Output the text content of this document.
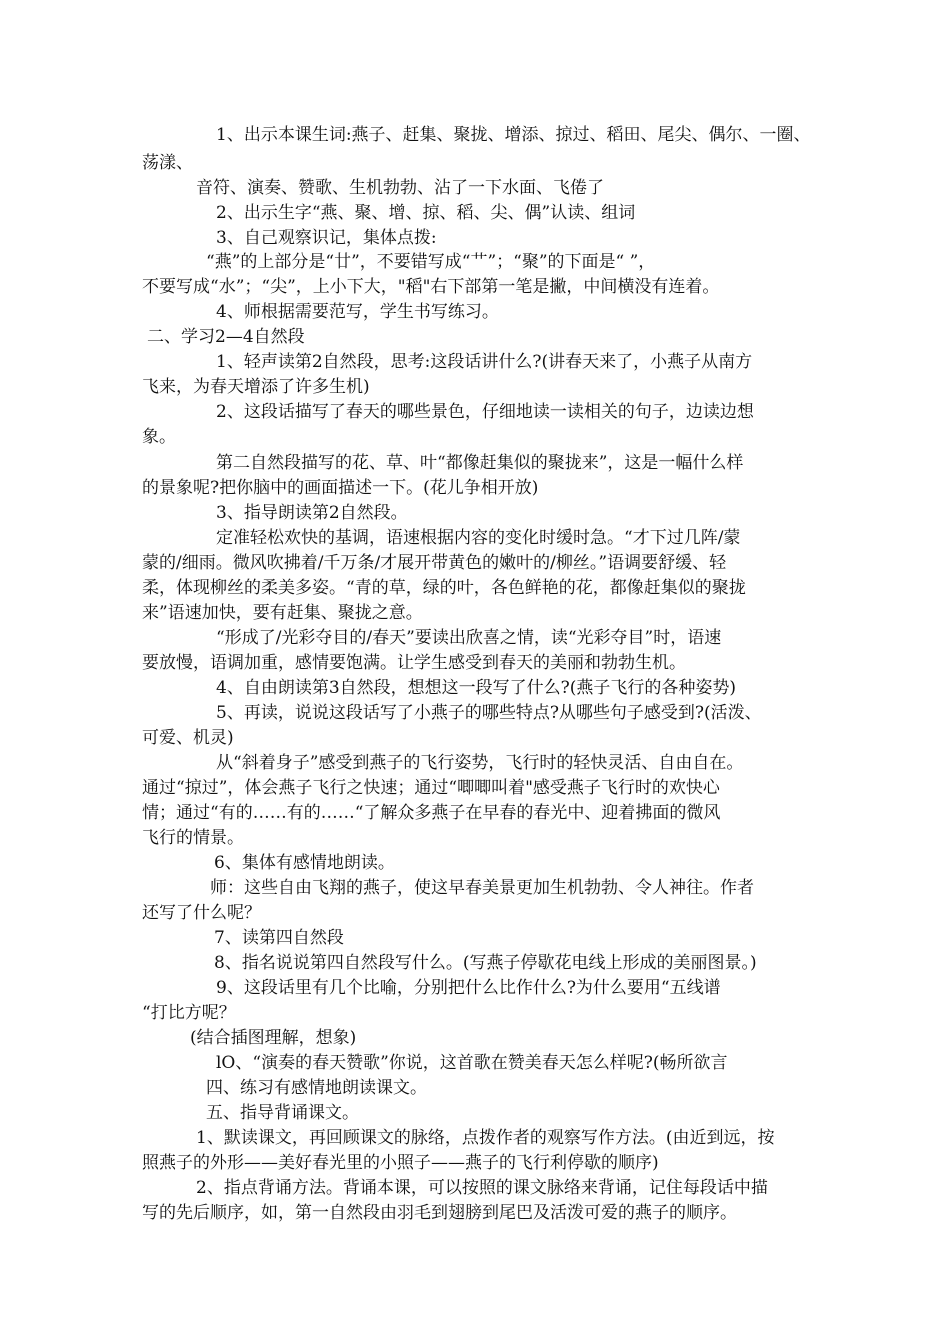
1、出示本课生词:燕子、赶集、聚拢、增添、掠过、稻田、尾尖、偶尔、一圈、
荡漾、
音符、演奏、赞歌、生机勃勃、沾了一下水面、飞倦了
2、出示生字“燕、聚、增、掠、稻、尖、偶”认读、组词
3、自己观察识记，集体点拨:
“燕”的上部分是“廿”，不要错写成“艹”；“聚”的下面是“ ”，
不要写成“水”；“尖”，上小下大，"稻"右下部第一笔是撇，中间横没有连着。
4、师根据需要范写，学生书写练习。
二、学习2—4自然段
1、轻声读第2自然段，思考:这段话讲什么?(讲春天来了，小燕子从南方
飞来，为春天增添了许多生机)
2、这段话描写了春天的哪些景色，仔细地读一读相关的句子，边读边想
象。
第二自然段描写的花、草、叶“都像赶集似的聚拢来”，这是一幅什么样
的景象呢?把你脑中的画面描述一下。(花儿争相开放)
3、指导朗读第2自然段。
定准轻松欢快的基调，语速根据内容的变化时缓时急。“才下过几阵/蒙
蒙的/细雨。微风吹拂着/千万条/才展开带黄色的嫩叶的/柳丝。”语调要舒缓、轻
柔，体现柳丝的柔美多姿。“青的草，绿的叶，各色鲜艳的花，都像赶集似的聚拢
来”语速加快，要有赶集、聚拢之意。
“形成了/光彩夺目的/春天”要读出欣喜之情，读“光彩夺目”时，语速
要放慢，语调加重，感情要饱满。让学生感受到春天的美丽和勃勃生机。
4、自由朗读第3自然段，想想这一段写了什么?(燕子飞行的各种姿势)
5、再读，说说这段话写了小燕子的哪些特点?从哪些句子感受到?(活泼、
可爱、机灵)
从“斜着身子”感受到燕子的飞行姿势，飞行时的轻快灵活、自由自在。
通过“掠过”，体会燕子飞行之快速；通过“唧唧叫着"感受燕子飞行时的欢快心
情；通过“有的……有的……“了解众多燕子在早春的春光中、迎着拂面的微风
飞行的情景。
6、集体有感情地朗读。
师：这些自由飞翔的燕子，使这早春美景更加生机勃勃、令人神往。作者
还写了什么呢？
7、读第四自然段
8、指名说说第四自然段写什么。(写燕子停歇花电线上形成的美丽图景。)
9、这段话里有几个比喻，分别把什么比作什么?为什么要用“五线谱
“打比方呢？
(结合插图理解，想象)
lO、“演奏的春天赞歌”你说，这首歌在赞美春天怎么样呢?(畅所欲言
四、练习有感情地朗读课文。
五、指导背诵课文。
1、默读课文，再回顾课文的脉络，点拨作者的观察写作方法。(由近到远，按
照燕子的外形——美好春光里的小照子——燕子的飞行利停歇的顺序)
2、指点背诵方法。背诵本课，可以按照的课文脉络来背诵，记住每段话中描
写的先后顺序，如，第一自然段由羽毛到翅膀到尾巴及活泼可爱的燕子的顺序。
